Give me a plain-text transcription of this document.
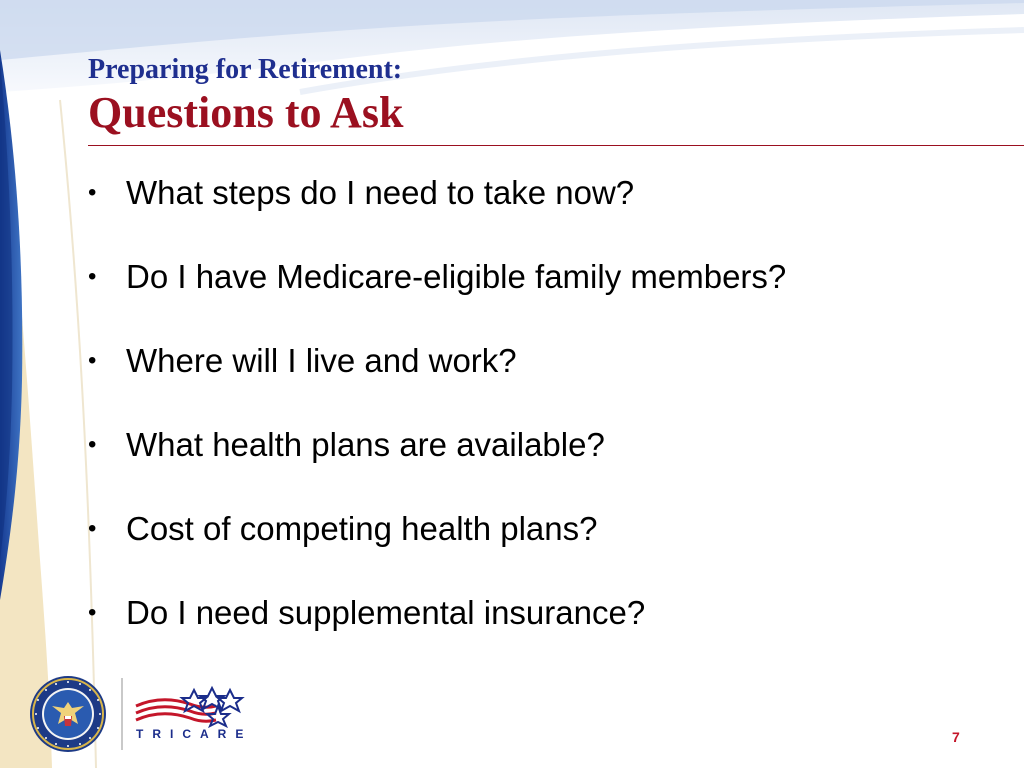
Preparing for Retirement:
Questions to Ask
• What steps do I need to take now?
• Do I have Medicare-eligible family members?
• Where will I live and work?
• What health plans are available?
• Cost of competing health plans?
• Do I need supplemental insurance?
TRICARE	7
